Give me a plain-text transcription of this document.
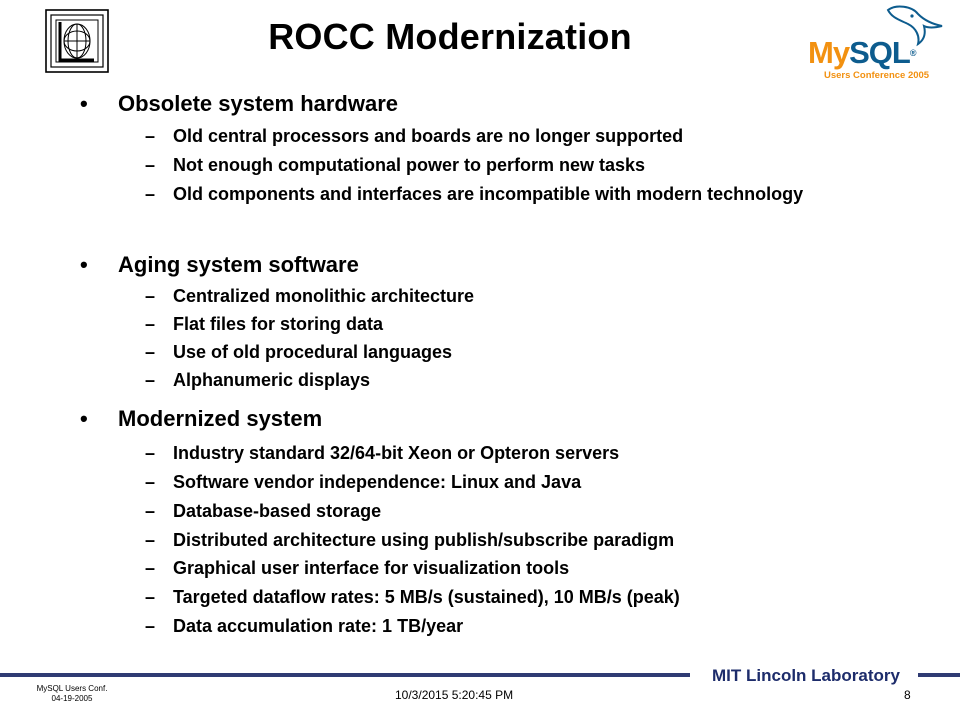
ROCC Modernization	MySQL®
Users Conference 2005
• Obsolete system hardware
– Old central processors and boards are no longer supported
– Not enough computational power to perform new tasks
– Old components and interfaces are incompatible with modern technology
• Aging system software
– Centralized monolithic architecture
– Flat files for storing data
– Use of old procedural languages
– Alphanumeric displays
• Modernized system
– Industry standard 32/64-bit Xeon or Opteron servers
– Software vendor independence: Linux and Java
– Database-based storage
– Distributed architecture using publish/subscribe paradigm
– Graphical user interface for visualization tools
– Targeted dataflow rates: 5 MB/s (sustained), 10 MB/s (peak)
– Data accumulation rate: 1 TB/year
MIT Lincoln Laboratory
MySQL Users Conf.
04-19-2005	10/3/2015 5:20:45 PM	8
